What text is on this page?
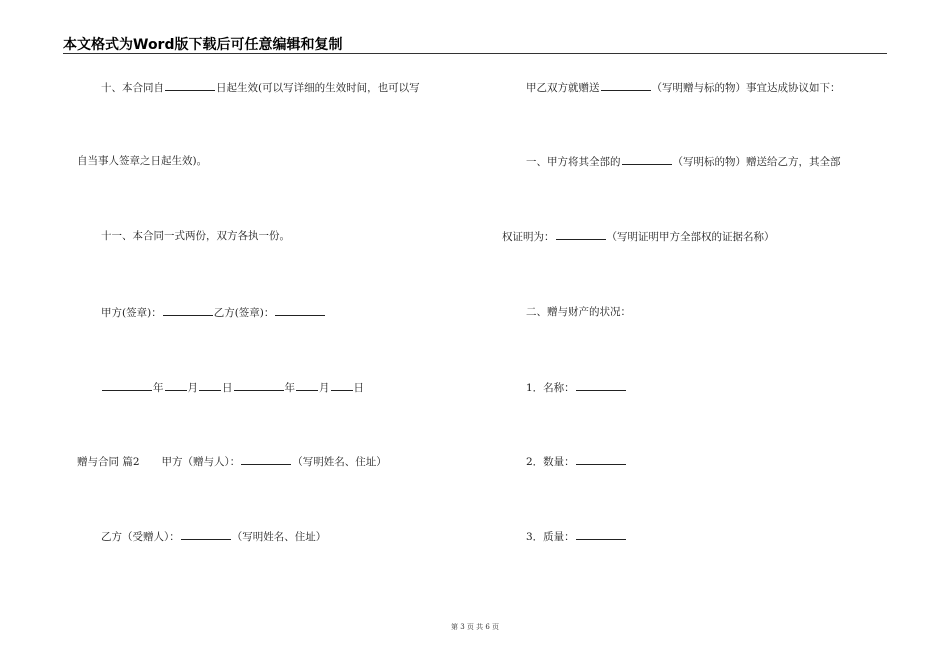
本文格式为Word版下载后可任意编辑和复制
十、本合同自	日起生效(可以写详细的生效时间，也可以写
自当事人签章之日起生效)。
十一、本合同一式两份，双方各执一份。
甲方(签章)：	乙方(签章)：
年 月 日	年 月 日
赠与合同 篇2 甲方（赠与人）：	（写明姓名、住址）
乙方（受赠人）：	（写明姓名、住址）
甲乙双方就赠送	（写明赠与标的物）事宜达成协议如下：
一、甲方将其全部的	（写明标的物）赠送给乙方，其全部
权证明为：	（写明证明甲方全部权的证据名称）
二、赠与财产的状况：
1．名称：
2．数量：
3．质量：
第 3 页 共 6 页
